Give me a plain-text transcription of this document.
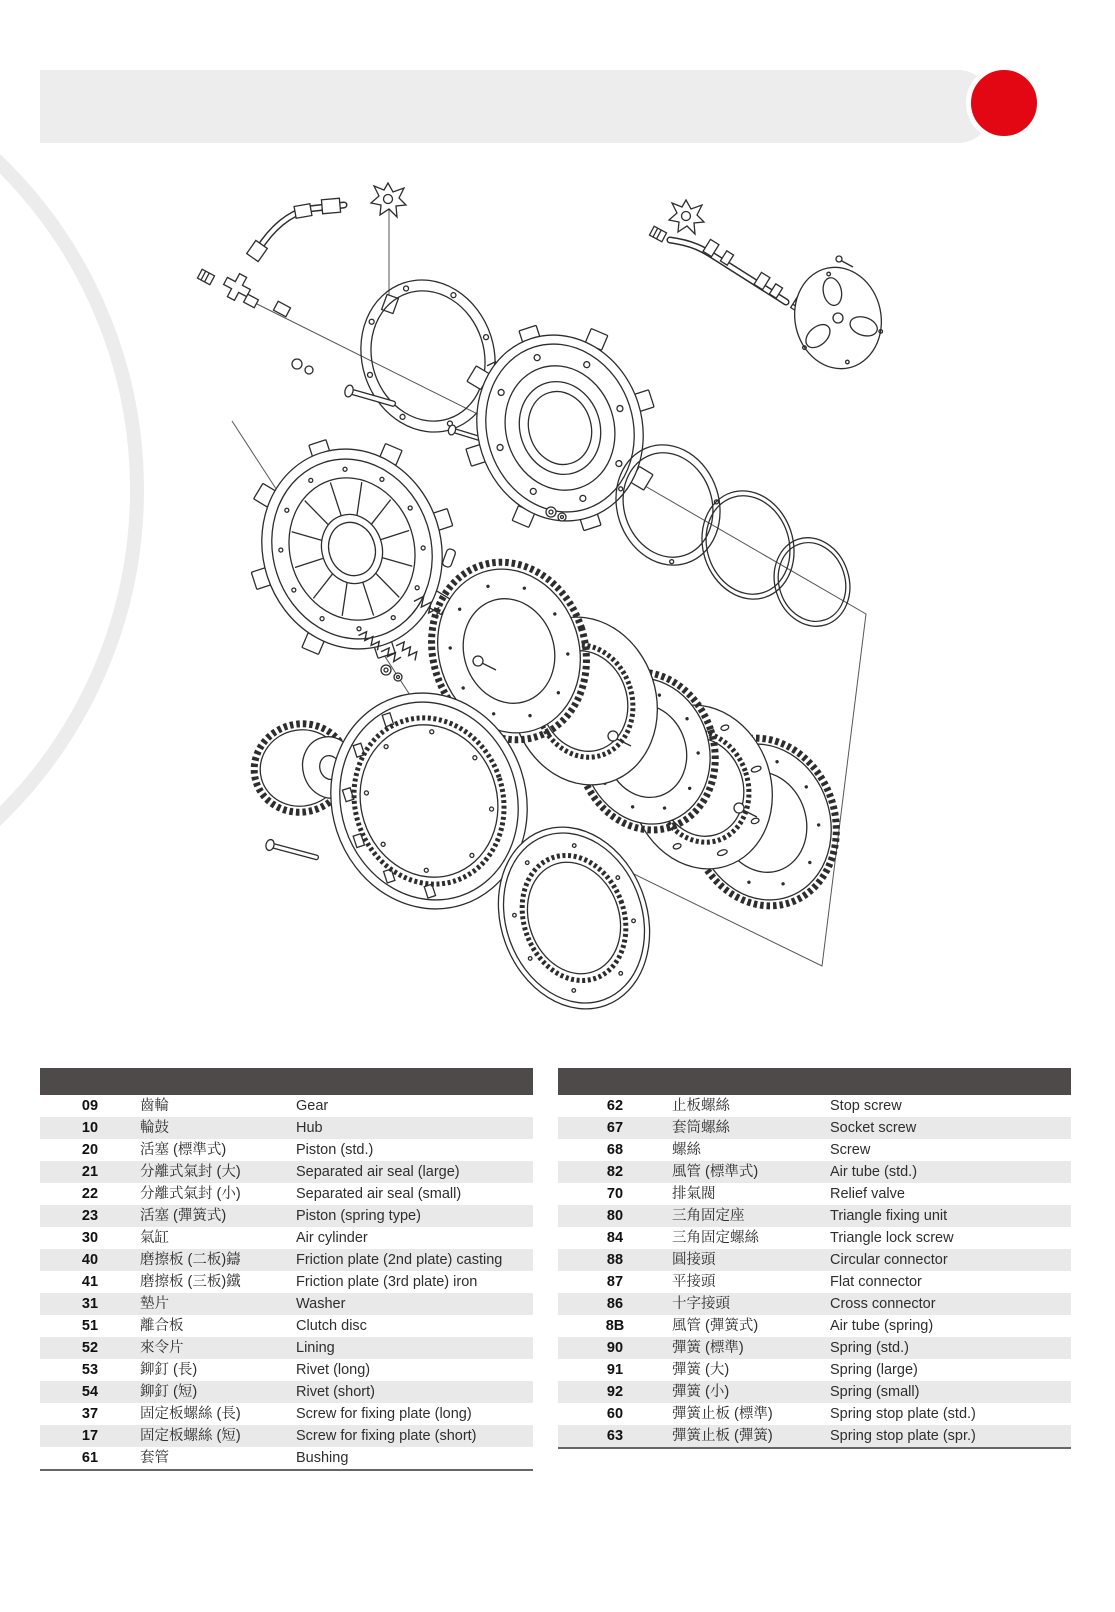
09	齒輪	Gear
10	輪鼓	Hub
20	活塞 (標準式)	Piston (std.)
21	分離式氣封 (大)	Separated air seal (large)
22	分離式氣封 (小)	Separated air seal (small)
23	活塞 (彈簧式)	Piston (spring type)
30	氣缸	Air cylinder
40	磨擦板 (二板)鑄	Friction plate (2nd plate) casting
41	磨擦板 (三板)鐵	Friction plate (3rd plate) iron
31	墊片	Washer
51	離合板	Clutch disc
52	來令片	Lining
53	鉚釘 (長)	Rivet (long)
54	鉚釘 (短)	Rivet (short)
37	固定板螺絲 (長)	Screw for fixing plate (long)
17	固定板螺絲 (短)	Screw for fixing plate (short)
61	套管	Bushing
62	止板螺絲	Stop screw
67	套筒螺絲	Socket screw
68	螺絲	Screw
82	風管 (標準式)	Air tube (std.)
70	排氣閥	Relief valve
80	三角固定座	Triangle fixing unit
84	三角固定螺絲	Triangle lock screw
88	圓接頭	Circular connector
87	平接頭	Flat connector
86	十字接頭	Cross connector
8B	風管 (彈簧式)	Air tube (spring)
90	彈簧 (標準)	Spring (std.)
91	彈簧 (大)	Spring (large)
92	彈簧 (小)	Spring (small)
60	彈簧止板 (標準)	Spring stop plate (std.)
63	彈簧止板 (彈簧)	Spring stop plate (spr.)
